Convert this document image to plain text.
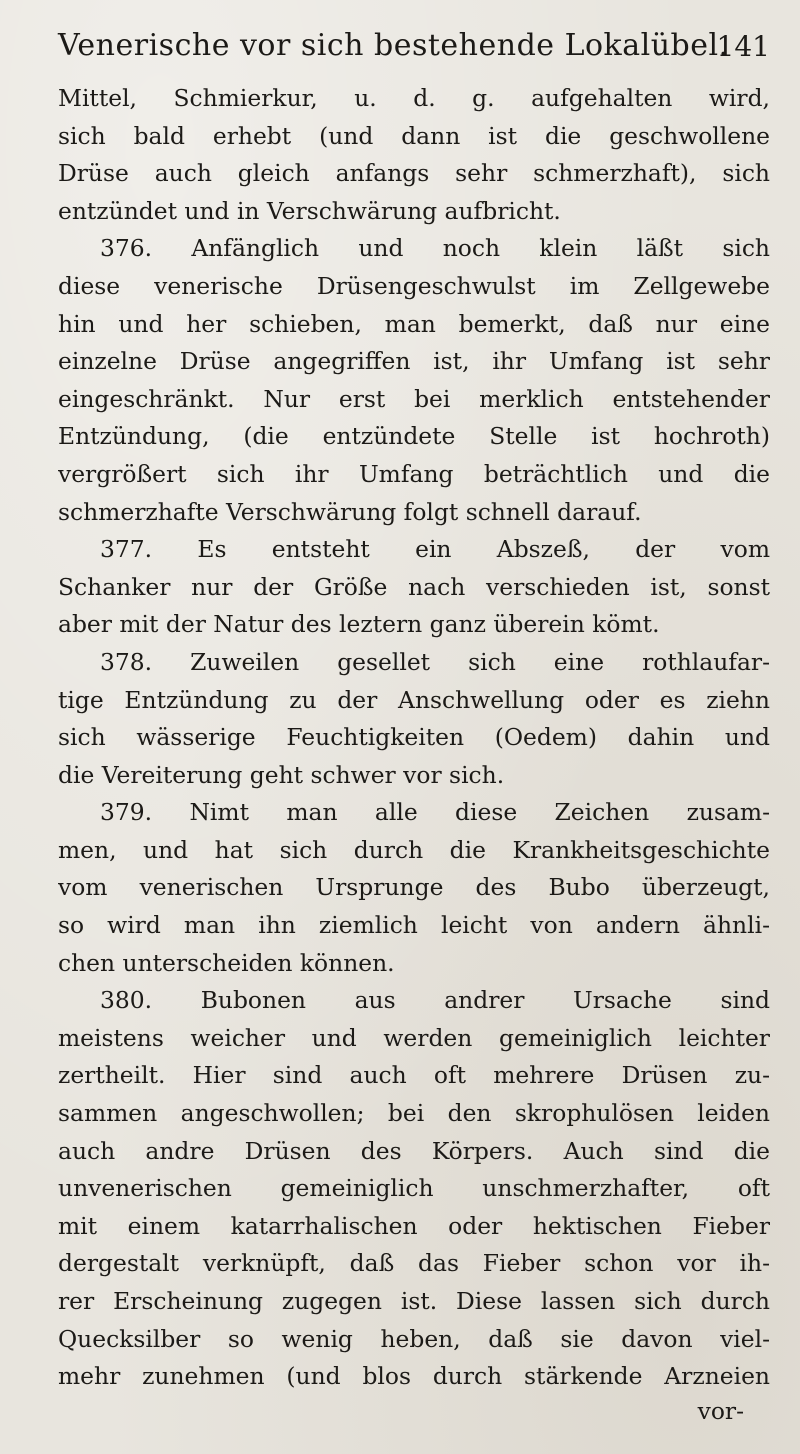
Venerische vor sich bestehende Lokalübel.
141
Mittel, Schmierkur, u. d. g. aufgehalten wird,
sich bald erhebt (und dann ist die geschwollene
Drüse auch gleich anfangs sehr schmerzhaft), sich
entzündet und in Verschwärung aufbricht.
376. Anfänglich und noch klein läßt sich
diese venerische Drüsengeschwulst im Zellgewebe
hin und her schieben, man bemerkt, daß nur eine
einzelne Drüse angegriffen ist, ihr Umfang ist sehr
eingeschränkt. Nur erst bei merklich entstehender
Entzündung, (die entzündete Stelle ist hochroth)
vergrößert sich ihr Umfang beträchtlich und die
schmerzhafte Verschwärung folgt schnell darauf.
377. Es entsteht ein Abszeß, der vom
Schanker nur der Größe nach verschieden ist, sonst
aber mit der Natur des leztern ganz überein kömt.
378. Zuweilen gesellet sich eine rothlaufar-
tige Entzündung zu der Anschwellung oder es ziehn
sich wässerige Feuchtigkeiten (Oedem) dahin und
die Vereiterung geht schwer vor sich.
379. Nimt man alle diese Zeichen zusam-
men, und hat sich durch die Krankheitsgeschichte
vom venerischen Ursprunge des Bubo überzeugt,
so wird man ihn ziemlich leicht von andern ähnli-
chen unterscheiden können.
380. Bubonen aus andrer Ursache sind
meistens weicher und werden gemeiniglich leichter
zertheilt. Hier sind auch oft mehrere Drüsen zu-
sammen angeschwollen; bei den skrophulösen leiden
auch andre Drüsen des Körpers. Auch sind die
unvenerischen gemeiniglich unschmerzhafter, oft
mit einem katarrhalischen oder hektischen Fieber
dergestalt verknüpft, daß das Fieber schon vor ih-
rer Erscheinung zugegen ist. Diese lassen sich durch
Quecksilber so wenig heben, daß sie davon viel-
mehr zunehmen (und blos durch stärkende Arzneien
vor-
